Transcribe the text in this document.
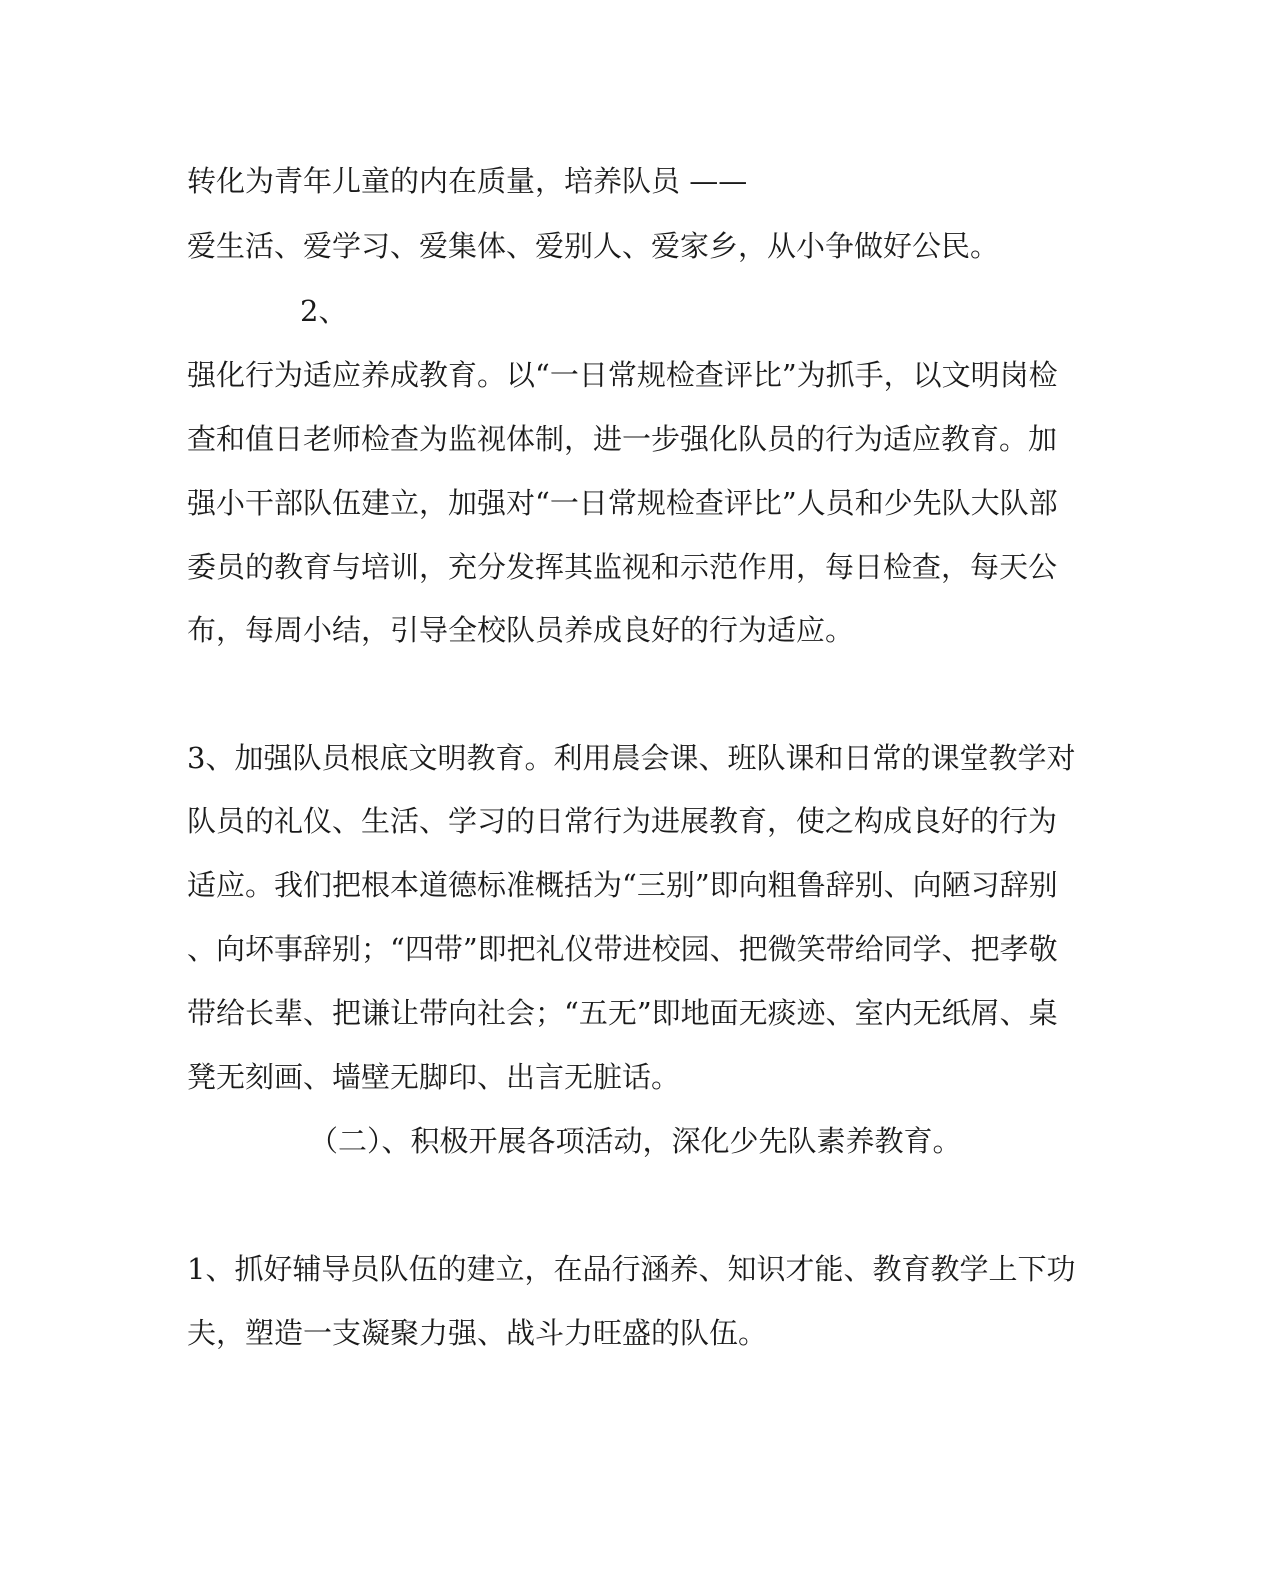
转化为青年儿童的内在质量，培养队员 ——
爱生活、爱学习、爱集体、爱别人、爱家乡，从小争做好公民。
2、
强化行为适应养成教育。以“一日常规检查评比”为抓手，以文明岗检
查和值日老师检查为监视体制，进一步强化队员的行为适应教育。加
强小干部队伍建立，加强对“一日常规检查评比”人员和少先队大队部
委员的教育与培训，充分发挥其监视和示范作用，每日检查，每天公
布，每周小结，引导全校队员养成良好的行为适应。
3、加强队员根底文明教育。利用晨会课、班队课和日常的课堂教学对
队员的礼仪、生活、学习的日常行为进展教育，使之构成良好的行为
适应。我们把根本道德标准概括为“三别”即向粗鲁辞别、向陋习辞别
、向坏事辞别；“四带”即把礼仪带进校园、把微笑带给同学、把孝敬
带给长辈、把谦让带向社会；“五无”即地面无痰迹、室内无纸屑、桌
凳无刻画、墙壁无脚印、出言无脏话。
（二）、积极开展各项活动，深化少先队素养教育。
1、抓好辅导员队伍的建立，在品行涵养、知识才能、教育教学上下功
夫，塑造一支凝聚力强、战斗力旺盛的队伍。
